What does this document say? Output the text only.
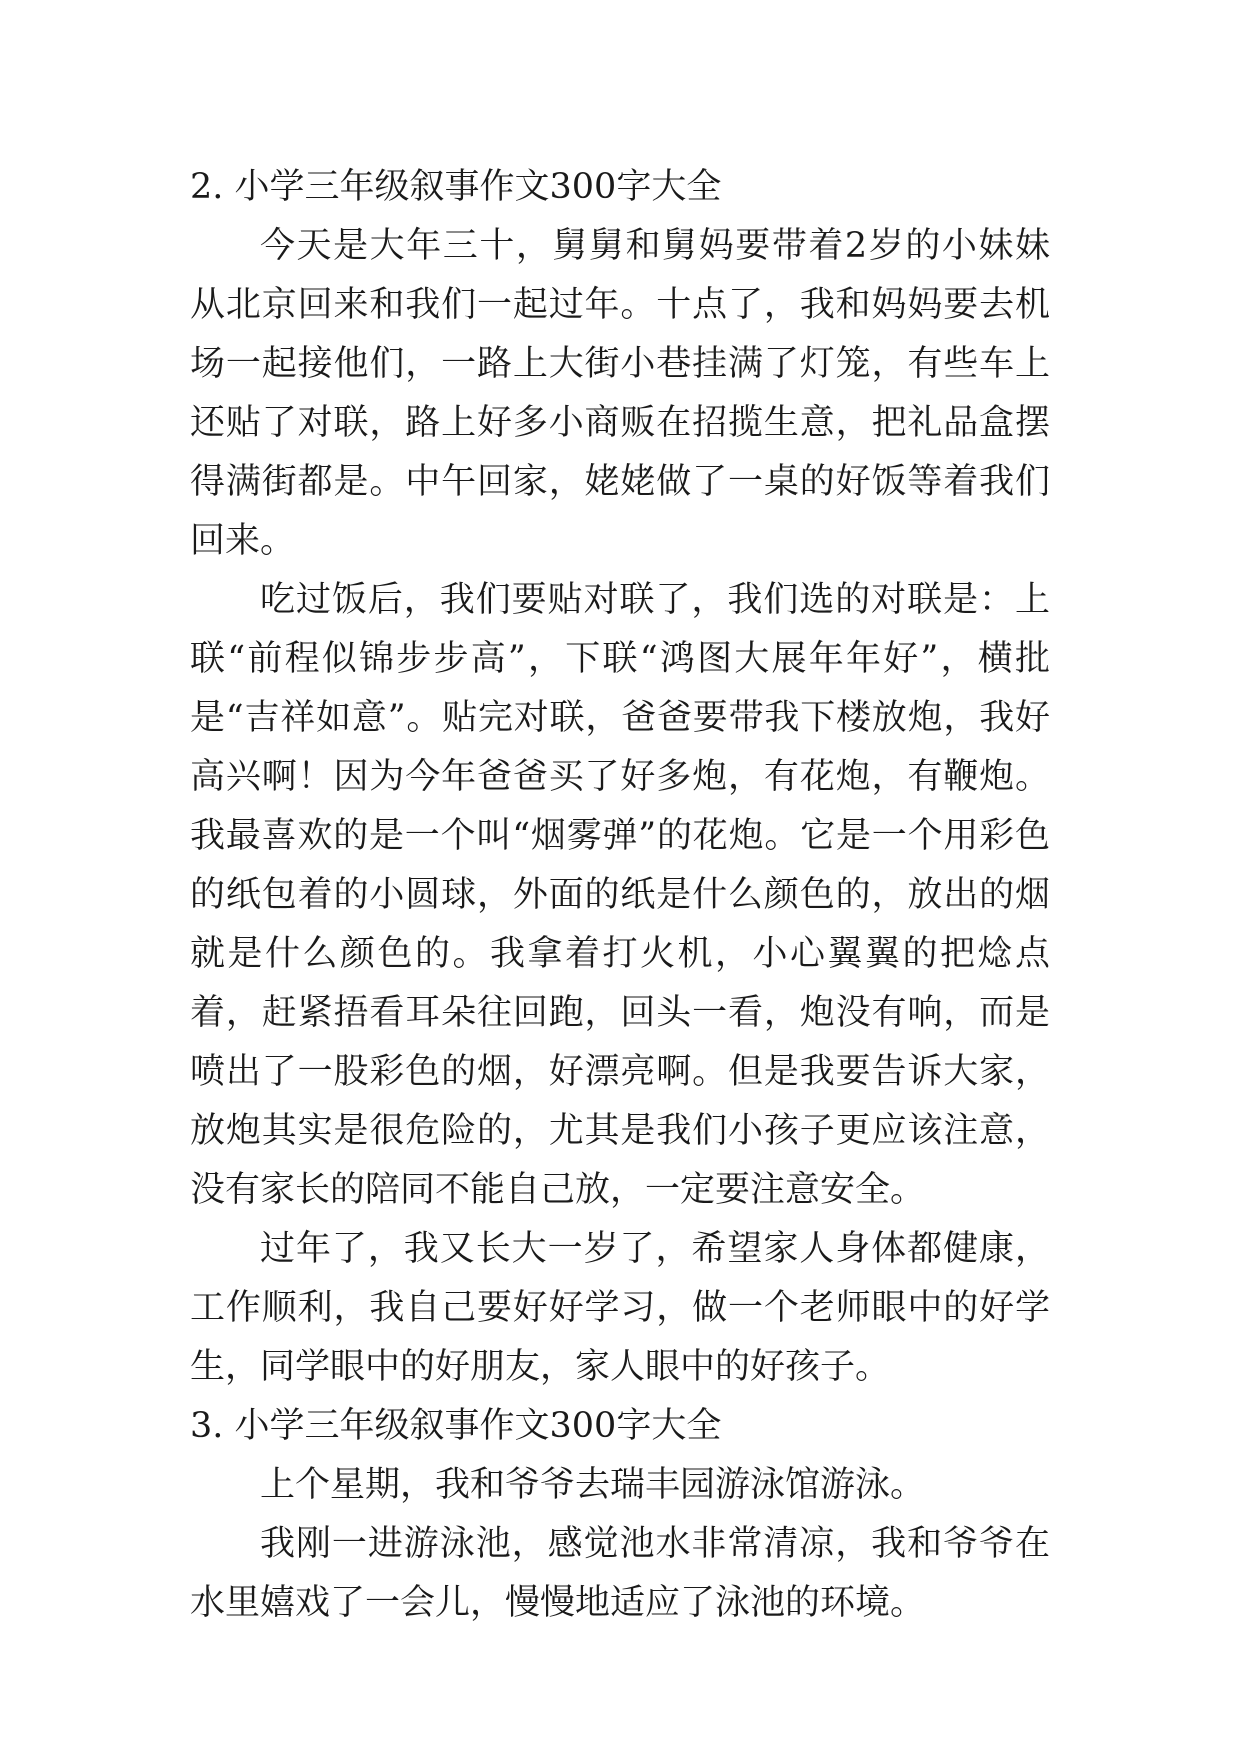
2. 小学三年级叙事作文300字大全

今天是大年三十，舅舅和舅妈要带着2岁的小妹妹从北京回来和我们一起过年。十点了，我和妈妈要去机场一起接他们，一路上大街小巷挂满了灯笼，有些车上还贴了对联，路上好多小商贩在招揽生意，把礼品盒摆得满街都是。中午回家，姥姥做了一桌的好饭等着我们回来。

吃过饭后，我们要贴对联了，我们选的对联是：上联“前程似锦步步高”，下联“鸿图大展年年好”，横批是“吉祥如意”。贴完对联，爸爸要带我下楼放炮，我好高兴啊！因为今年爸爸买了好多炮，有花炮，有鞭炮。我最喜欢的是一个叫“烟雾弹”的花炮。它是一个用彩色的纸包着的小圆球，外面的纸是什么颜色的，放出的烟就是什么颜色的。我拿着打火机，小心翼翼的把焾点着，赶紧捂看耳朵往回跑，回头一看，炮没有响，而是喷出了一股彩色的烟，好漂亮啊。但是我要告诉大家，放炮其实是很危险的，尤其是我们小孩子更应该注意，没有家长的陪同不能自己放，一定要注意安全。

过年了，我又长大一岁了，希望家人身体都健康，工作顺利，我自己要好好学习，做一个老师眼中的好学生，同学眼中的好朋友，家人眼中的好孩子。

3. 小学三年级叙事作文300字大全

上个星期，我和爷爷去瑞丰园游泳馆游泳。

我刚一进游泳池，感觉池水非常清凉，我和爷爷在水里嬉戏了一会儿，慢慢地适应了泳池的环境。
